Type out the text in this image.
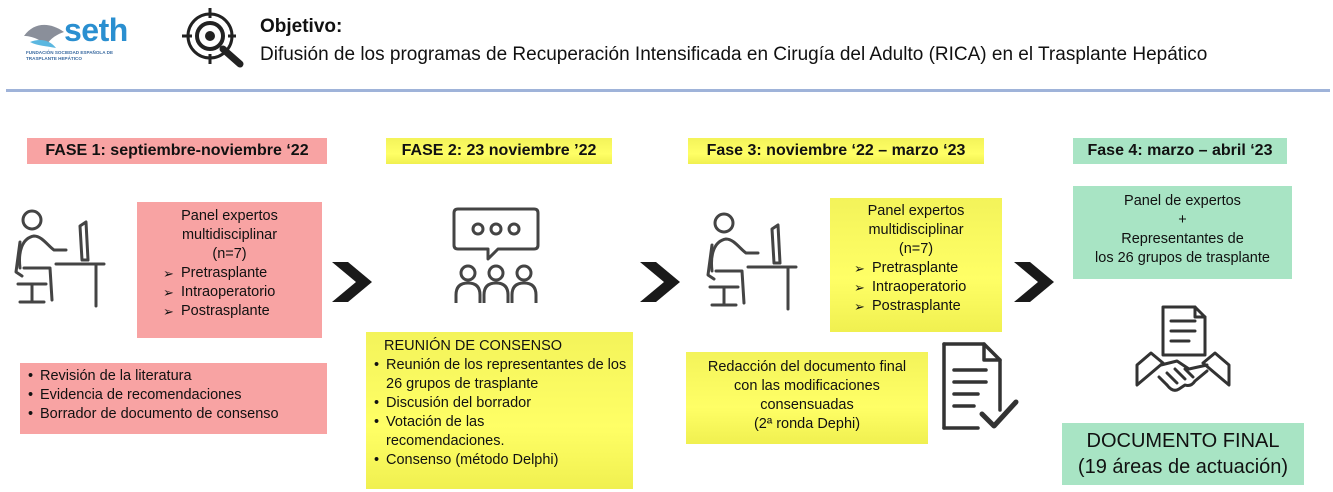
seth
FUNDACIÓN SOCIEDAD ESPAÑOLA DE TRASPLANTE HEPÁTICO
Objetivo:
Difusión de los programas de Recuperación Intensificada en Cirugía del Adulto (RICA) en el Trasplante Hepático
FASE 1: septiembre-noviembre ‘22	FASE 2: 23 noviembre ’22	Fase 3: noviembre ‘22 – marzo ‘23	Fase 4: marzo – abril ‘23
Panel expertos
multidisciplinar
(n=7)
➢ Pretrasplante
➢ Intraoperatorio
➢ Postrasplante
• Revisión de la literatura
• Evidencia de recomendaciones
• Borrador de documento de consenso
REUNIÓN DE CONSENSO
• Reunión de los representantes de los 26 grupos de trasplante
• Discusión del borrador
• Votación de las recomendaciones.
• Consenso (método Delphi)
Panel expertos
multidisciplinar
(n=7)
➢ Pretrasplante
➢ Intraoperatorio
➢ Postrasplante
Redacción del documento final
con las modificaciones
consensuadas
(2ª ronda Dephi)
Panel de expertos
+
Representantes de
los 26 grupos de trasplante
DOCUMENTO FINAL
(19 áreas de actuación)
